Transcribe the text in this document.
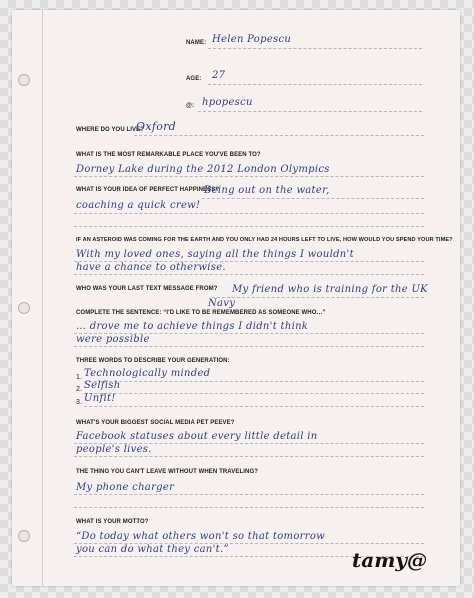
NAME: Helen Popescu
AGE: 27
@: hpopescu
WHERE DO YOU LIVE?
Oxford
WHAT IS THE MOST REMARKABLE PLACE YOU'VE BEEN TO?
Dorney Lake during the 2012 London Olympics
WHAT IS YOUR IDEA OF PERFECT HAPPINESS?
Being out on the water,
coaching a quick crew!
IF AN ASTEROID WAS COMING FOR THE EARTH AND YOU ONLY HAD 24 HOURS LEFT TO LIVE, HOW WOULD YOU SPEND YOUR TIME?
With my loved ones, saying all the things I wouldn't
have a chance to otherwise.
WHO WAS YOUR LAST TEXT MESSAGE FROM? My friend who is training for the UK
Navy
COMPLETE THE SENTENCE: “I'D LIKE TO BE REMEMBERED AS SOMEONE WHO…”
… drove me to achieve things I didn't think
were possible
THREE WORDS TO DESCRIBE YOUR GENERATION:
1. Technologically minded
2. Selfish
3. Unfit!
WHAT'S YOUR BIGGEST SOCIAL MEDIA PET PEEVE?
Facebook statuses about every little detail in
people's lives.
THE THING YOU CAN'T LEAVE WITHOUT WHEN TRAVELING?
My phone charger
WHAT IS YOUR MOTTO?
“Do today what others won't so that tomorrow
you can do what they can't.”	tamy@
